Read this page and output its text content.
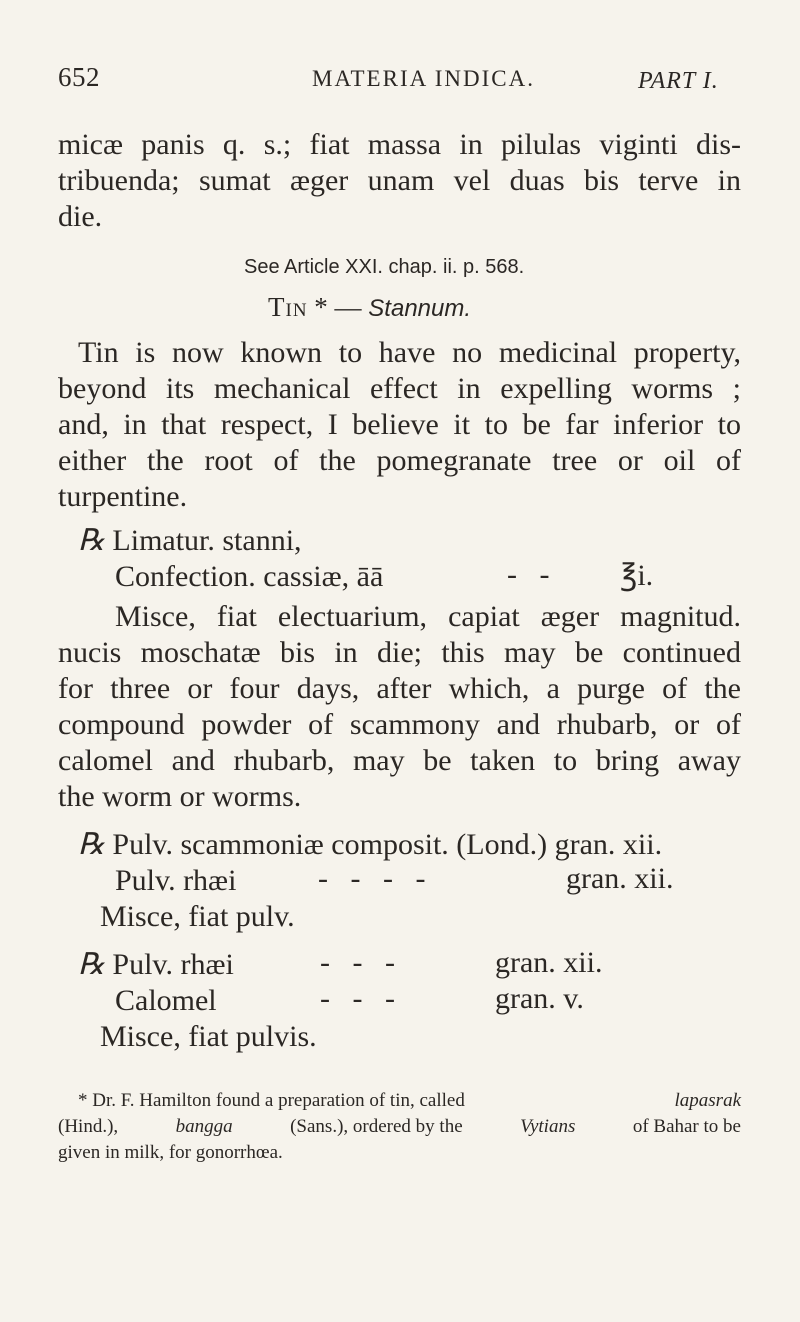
652	MATERIA INDICA.	PART I.
micæ panis q. s.; fiat massa in pilulas viginti dis-
tribuenda; sumat æger unam vel duas bis terve in
die.
See Article XXI. chap. ii. p. 568.
Tin * — Stannum.
Tin is now known to have no medicinal property,
beyond its mechanical effect in expelling worms ;
and, in that respect, I believe it to be far inferior to
either the root of the pomegranate tree or oil of
turpentine.
℞ Limatur. stanni,
Confection. cassiæ, āā	-   - ℥i.
Misce, fiat electuarium, capiat æger magnitud.
nucis moschatæ bis in die; this may be continued
for three or four days, after which, a purge of the
compound powder of scammony and rhubarb, or of
calomel and rhubarb, may be taken to bring away
the worm or worms.
℞ Pulv. scammoniæ composit. (Lond.) gran. xii.
Pulv. rhæi	-   -   -   -	gran. xii.
Misce, fiat pulv.
℞ Pulv. rhæi	-   -   -	gran. xii.
Calomel	-   -   -	gran. v.
Misce, fiat pulvis.
* Dr. F. Hamilton found a preparation of tin, called	lapasrak
(Hind.),	bangga	(Sans.), ordered by the	Vytians	of Bahar to be
given in milk, for gonorrhœa.
